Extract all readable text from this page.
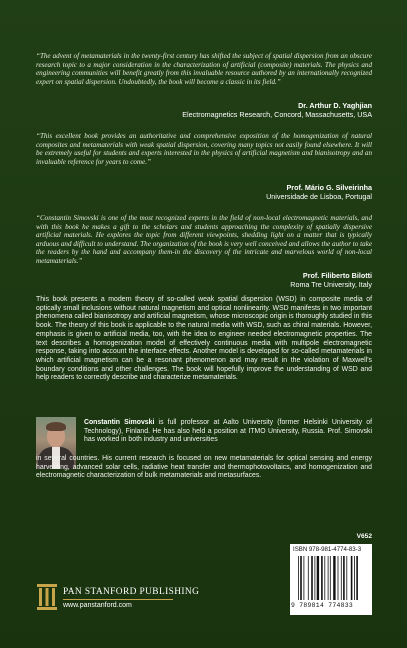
“The advent of metamaterials in the twenty-first century has shifted the subject of spatial dispersion from an obscure research topic to a major consideration in the characterization of artificial (composite) materials. The physics and engineering communities will benefit greatly from this invaluable resource authored by an internationally recognized expert on spatial dispersion. Undoubtedly, the book will become a classic in its field.”

Dr. Arthur D. Yaghjian
Electromagnetics Research, Concord, Massachusetts, USA

“This excellent book provides an authoritative and comprehensive exposition of the homogenization of natural composites and metamaterials with weak spatial dispersion, covering many topics not easily found elsewhere. It will be extremely useful for students and experts interested in the physics of artificial magnetism and bianisotropy and an invaluable reference for years to come.”

Prof. Mário G. Silveirinha
Universidade de Lisboa, Portugal

“Constantin Simovski is one of the most recognized experts in the field of non-local electromagnetic materials, and with this book he makes a gift to the scholars and students approaching the complexity of spatially dispersive artificial materials. He explores the topic from different viewpoints, shedding light on a matter that is typically arduous and difficult to understand. The organization of the book is very well conceived and allows the author to take the readers by the hand and accompany them-in the discovery of the intricate and marvelous world of non-local metamaterials.”

Prof. Filiberto Bilotti
Roma Tre University, Italy

This book presents a modern theory of so-called weak spatial dispersion (WSD) in composite media of optically small inclusions without natural magnetism and optical nonlinearity. WSD manifests in two important phenomena called bianisotropy and artificial magnetism, whose microscopic origin is thoroughly studied in this book. The theory of this book is applicable to the natural media with WSD, such as chiral materials. However, emphasis is given to artificial media, too, with the idea to engineer needed electromagnetic properties. The text describes a homogenization model of effectively continuous media with multipole electromagnetic response, taking into account the interface effects. Another model is developed for so-called metamaterials in which artificial magnetism can be a resonant phenomenon and may result in the violation of Maxwell’s boundary conditions and other challenges. The book will hopefully improve the understanding of WSD and help readers to correctly describe and characterize metamaterials.

Constantin Simovski is full professor at Aalto University (former Helsinki University of Technology), Finland. He has also held a position at ITMO University, Russia. Prof. Simovski has worked in both industry and universities

in several countries. His current research is focused on new metamaterials for optical sensing and energy harvesting, advanced solar cells, radiative heat transfer and thermophotovoltaics, and homogenization and electromagnetic characterization of bulk metamaterials and metasurfaces.

V652
ISBN 978-981-4774-83-3
9 789814 774833
PAN STANFORD PUBLISHING
www.panstanford.com
